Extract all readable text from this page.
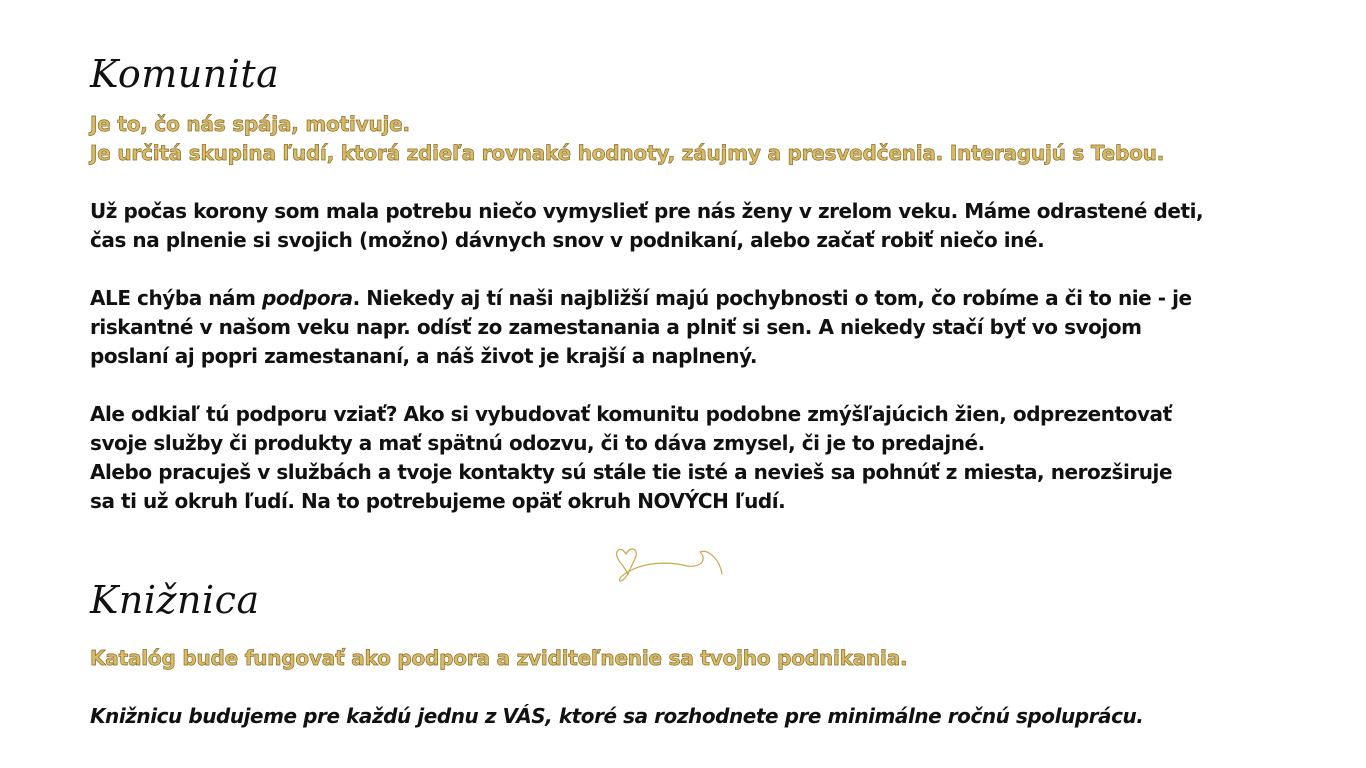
Komunita

Je to, čo nás spája, motivuje.

Je určitá skupina ľudí, ktorá zdieľa rovnaké hodnoty, záujmy a presvedčenia. Interagujú s Tebou.

Už počas korony som mala potrebu niečo vymyslieť pre nás ženy v zrelom veku. Máme odrastené deti,
čas na plnenie si svojich (možno) dávnych snov v podnikaní, alebo začať robiť niečo iné.

ALE chýba nám podpora. Niekedy aj tí naši najbližší majú pochybnosti o tom, čo robíme a či to nie - je
riskantné v našom veku napr. odísť zo zamestanania a plniť si sen. A niekedy stačí byť vo svojom
poslaní aj popri zamestananí, a náš život je krajší a naplnený.

Ale odkiaľ tú podporu vziať? Ako si vybudovať komunitu podobne zmýšľajúcich žien, odprezentovať
svoje služby či produkty a mať spätnú odozvu, či to dáva zmysel, či je to predajné.
Alebo pracuješ v službách a tvoje kontakty sú stále tie isté a nevieš sa pohnúť z miesta, nerozširuje
sa ti už okruh ľudí. Na to potrebujeme opäť okruh NOVÝCH ľudí.

Knižnica

Katalóg bude fungovať ako podpora a zviditeľnenie sa tvojho podnikania.

Knižnicu budujeme pre každú jednu z VÁS, ktoré sa rozhodnete pre minimálne ročnú spoluprácu.
